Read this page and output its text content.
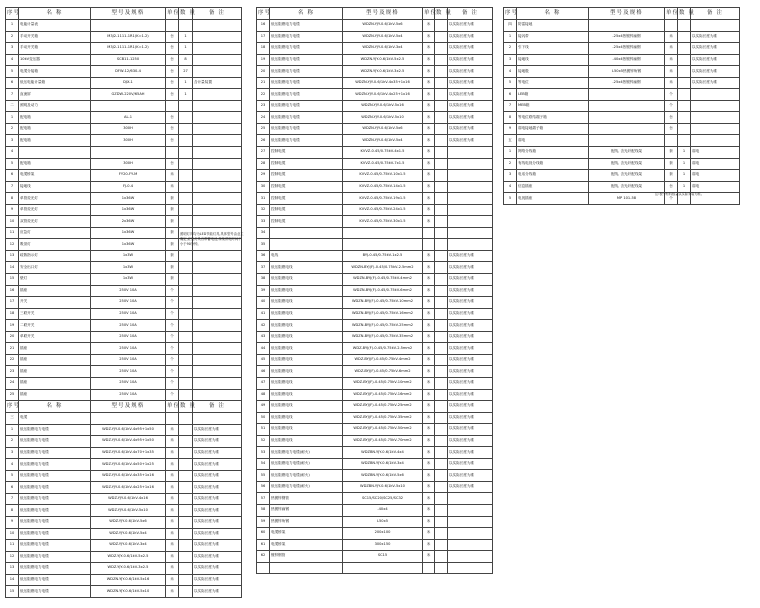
序号	名 称	型号及规格	单位	数 量	备 注
1	电能计量表				
2	手动开关箱	M3J2-1111-1R1(K=1.2)	台	1	
3	手动开关箱	M3J2-1111-1R1(K=1.2)	台	1	
4	10kV变压器	SCB11-1250	台	8	
5	电缆分接箱	DFW-12/630-4	台	27	
6	低压电能计量箱	DJX-1	台	1	含计量装置
7	直流屏	GZDW-220V/65AH	台	1	
二	照明及动力				
1	配电箱	AL-1	台		
2	配电箱	300H	台		
3	配电箱	300H	台		
4					
5	配电箱	300H	台		
6	电缆桥架	FY20-FY-M	米		
7	接地线	FJ-0.4	米		
8	单管荧光灯	1x36W	套		
9	单管荧光灯	1x36W	套		
10	双管荧光灯	2x36W	套		
11	应急灯	1x36W	套		
12	吸顶灯	1x36W	套		
13	疏散指示灯	1x3W	套		
14	安全出口灯	1x3W	套		
15	壁灯	1x3W	套		
16	插座	250V 10A	个		
17	开关	250V 10A	个		
18	三联开关	250V 10A	个		
19	二联开关	250V 10A	个		
20	单联开关	250V 10A	个		
21	插座	250V 10A	个		
22	插座	250V 10A	个		
23	插座	250V 10A	个		
24	插座	250V 10A	个		
25	插座	250V 10A	个		
序号	名 称	型号及规格	单位	数 量	备 注
三	电缆				
1	低压阻燃电力电缆	WDZ-YJY-0.6/1kV-4x95+1x50	米		以实际长度为准
2	低压阻燃电力电缆	WDZ-YJY-0.6/1kV-4x95+1x50	米		以实际长度为准
3	低压阻燃电力电缆	WDZ-YJY-0.6/1kV-4x70+1x35	米		以实际长度为准
4	低压阻燃电力电缆	WDZ-YJY-0.6/1kV-4x50+1x25	米		以实际长度为准
5	低压阻燃电力电缆	WDZ-YJY-0.6/1kV-4x35+1x16	米		以实际长度为准
6	低压阻燃电力电缆	WDZ-YJY-0.6/1kV-4x25+1x16	米		以实际长度为准
7	低压阻燃电力电缆	WDZ-YJY-0.6/1kV-4x16	米		以实际长度为准
8	低压阻燃电力电缆	WDZ-YJY-0.6/1kV-5x10	米		以实际长度为准
9	低压阻燃电力电缆	WDZ-YJY-0.6/1kV-5x6	米		以实际长度为准
10	低压阻燃电力电缆	WDZ-YJY-0.6/1kV-5x4	米		以实际长度为准
11	低压阻燃电力电缆	WDZ-YJY-0.6/1kV-3x4	米		以实际长度为准
12	低压阻燃电力电缆	WDZ-YJY-0.6/1kV-5x2.5	米		以实际长度为准
13	低压阻燃电力电缆	WDZ-YJY-0.6/1kV-3x2.5	米		以实际长度为准
14	低压阻燃电力电缆	WDZN-YJY-0.6/1kV-5x16	米		以实际长度为准
15	低压阻燃电力电缆	WDZN-YJY-0.6/1kV-5x10	米		以实际长度为准
序号	名 称	型号及规格	单位	数 量	备 注
16	低压阻燃电力电缆	WDZN-YJY-0.6/1kV-5x6	米		以实际长度为准
17	低压阻燃电力电缆	WDZN-YJY-0.6/1kV-5x4	米		以实际长度为准
18	低压阻燃电力电缆	WDZN-YJY-0.6/1kV-3x4	米		以实际长度为准
19	低压阻燃电力电缆	WDZN-YJY-0.6/1kV-5x2.5	米		以实际长度为准
20	低压阻燃电力电缆	WDZN-YJY-0.6/1kV-3x2.5	米		以实际长度为准
21	低压阻燃电力电缆	WDZN-YJY-0.6/1kV-4x35+1x16	米		以实际长度为准
22	低压阻燃电力电缆	WDZN-YJY-0.6/1kV-4x25+1x16	米		以实际长度为准
23	低压阻燃电力电缆	WDZN-YJY-0.6/1kV-5x16	米		以实际长度为准
24	低压阻燃电力电缆	WDZN-YJY-0.6/1kV-5x10	米		以实际长度为准
25	低压阻燃电力电缆	WDZN-YJY-0.6/1kV-5x6	米		以实际长度为准
26	低压阻燃电力电缆	WDZN-YJY-0.6/1kV-5x4	米		以实际长度为准
27	控制电缆	KVVZ-0.45/0.75kV-4x1.5	米		
28	控制电缆	KVVZ-0.45/0.75kV-7x1.5	米		
29	控制电缆	KVVZ-0.45/0.75kV-10x1.5	米		
30	控制电缆	KVVZ-0.45/0.75kV-14x1.5	米		
31	控制电缆	KVVZ-0.45/0.75kV-19x1.5	米		
32	控制电缆	KVVZ-0.45/0.75kV-24x1.5	米		
33	控制电缆	KVVZ-0.45/0.75kV-30x1.5	米		
34					
35					
36	电线	BYJ-0.45/0.75kV-1x2.5	米		以实际长度为准
37	低压阻燃电线	WDZN-BYJ(F)-0.45/0.75kV-2.5mm2	米		以实际长度为准
38	低压阻燃电线	WDZN-BYJ(F)-0.45/0.75kV-4mm2	米		以实际长度为准
39	低压阻燃电线	WDZN-BYJ(F)-0.45/0.75kV-6mm2	米		以实际长度为准
40	低压阻燃电线	WDZN-BYJ(F)-0.45/0.75kV-10mm2	米		以实际长度为准
41	低压阻燃电线	WDZN-BYJ(F)-0.45/0.75kV-16mm2	米		以实际长度为准
42	低压阻燃电线	WDZN-BYJ(F)-0.45/0.75kV-25mm2	米		以实际长度为准
43	低压阻燃电线	WDZN-BYJ(F)-0.45/0.75kV-35mm2	米		以实际长度为准
44	低压阻燃电线	WDZ-BYJ(F)-0.45/0.75kV-2.5mm2	米		以实际长度为准
45	低压阻燃电线	WDZ-BYJ(F)-0.45/0.75kV-4mm2	米		以实际长度为准
46	低压阻燃电线	WDZ-BYJ(F)-0.45/0.75kV-6mm2	米		以实际长度为准
47	低压阻燃电线	WDZ-BYJ(F)-0.45/0.75kV-10mm2	米		以实际长度为准
48	低压阻燃电线	WDZ-BYJ(F)-0.45/0.75kV-16mm2	米		以实际长度为准
49	低压阻燃电线	WDZ-BYJ(F)-0.45/0.75kV-25mm2	米		以实际长度为准
50	低压阻燃电线	WDZ-BYJ(F)-0.45/0.75kV-35mm2	米		以实际长度为准
51	低压阻燃电线	WDZ-BYJ(F)-0.45/0.75kV-50mm2	米		以实际长度为准
52	低压阻燃电线	WDZ-BYJ(F)-0.45/0.75kV-70mm2	米		以实际长度为准
53	低压阻燃电力电缆(耐火)	WDZBN-YJY-0.6/1kV-4x4	米		以实际长度为准
54	低压阻燃电力电缆(耐火)	WDZBN-YJY-0.6/1kV-3x4	米		以实际长度为准
55	低压阻燃电力电缆(耐火)	WDZBN-YJY-0.6/1kV-5x6	米		以实际长度为准
56	低压阻燃电力电缆(耐火)	WDZBN-YJY-0.6/1kV-5x10	米		以实际长度为准
57	热镀锌钢管	SC15/SC20/SC25/SC32	米		
58	热镀锌扁钢	-40x4	米		
59	热镀锌角钢	L50x5	米		
60	电缆桥架	200x100	米		
61	电缆桥架	300x150	米		
62	镀锌钢管	SC15	米		

序号	名 称	型号及规格	单位	数 量	备 注
四	防雷接地				
1	接闪带	-25x4热镀锌扁钢	米		以实际长度为准
2	引下线	-25x4热镀锌扁钢	米		以实际长度为准
3	接地线	-40x4热镀锌扁钢	米		以实际长度为准
4	接地极	L50x5热镀锌角钢	米		以实际长度为准
5	等电位	-25x4热镀锌扁钢	米		以实际长度为准
6	LEB箱		个		
7	MEB箱		个		
8	等电位联结端子箱		台		
9	弱电接地端子箱		台		
五	弱电				
1	网络分线箱	配线, 含光纤配线架	套	1	弱电
2	有线电视分线箱	配线, 含光纤配线架	套	1	弱电
3	电话分线箱	配线, 含光纤配线架	套	1	弱电
4	信息插座	配线, 含光纤配线架	台	1	弱电
5	电视插座	MP 101-58	个		
照明灯具均为LED节能灯具,具体型号由业主确定,应急灯具自带蓄电池,持续供电时间不小于90分钟。
注:表中材料数量以实际安装为准。
